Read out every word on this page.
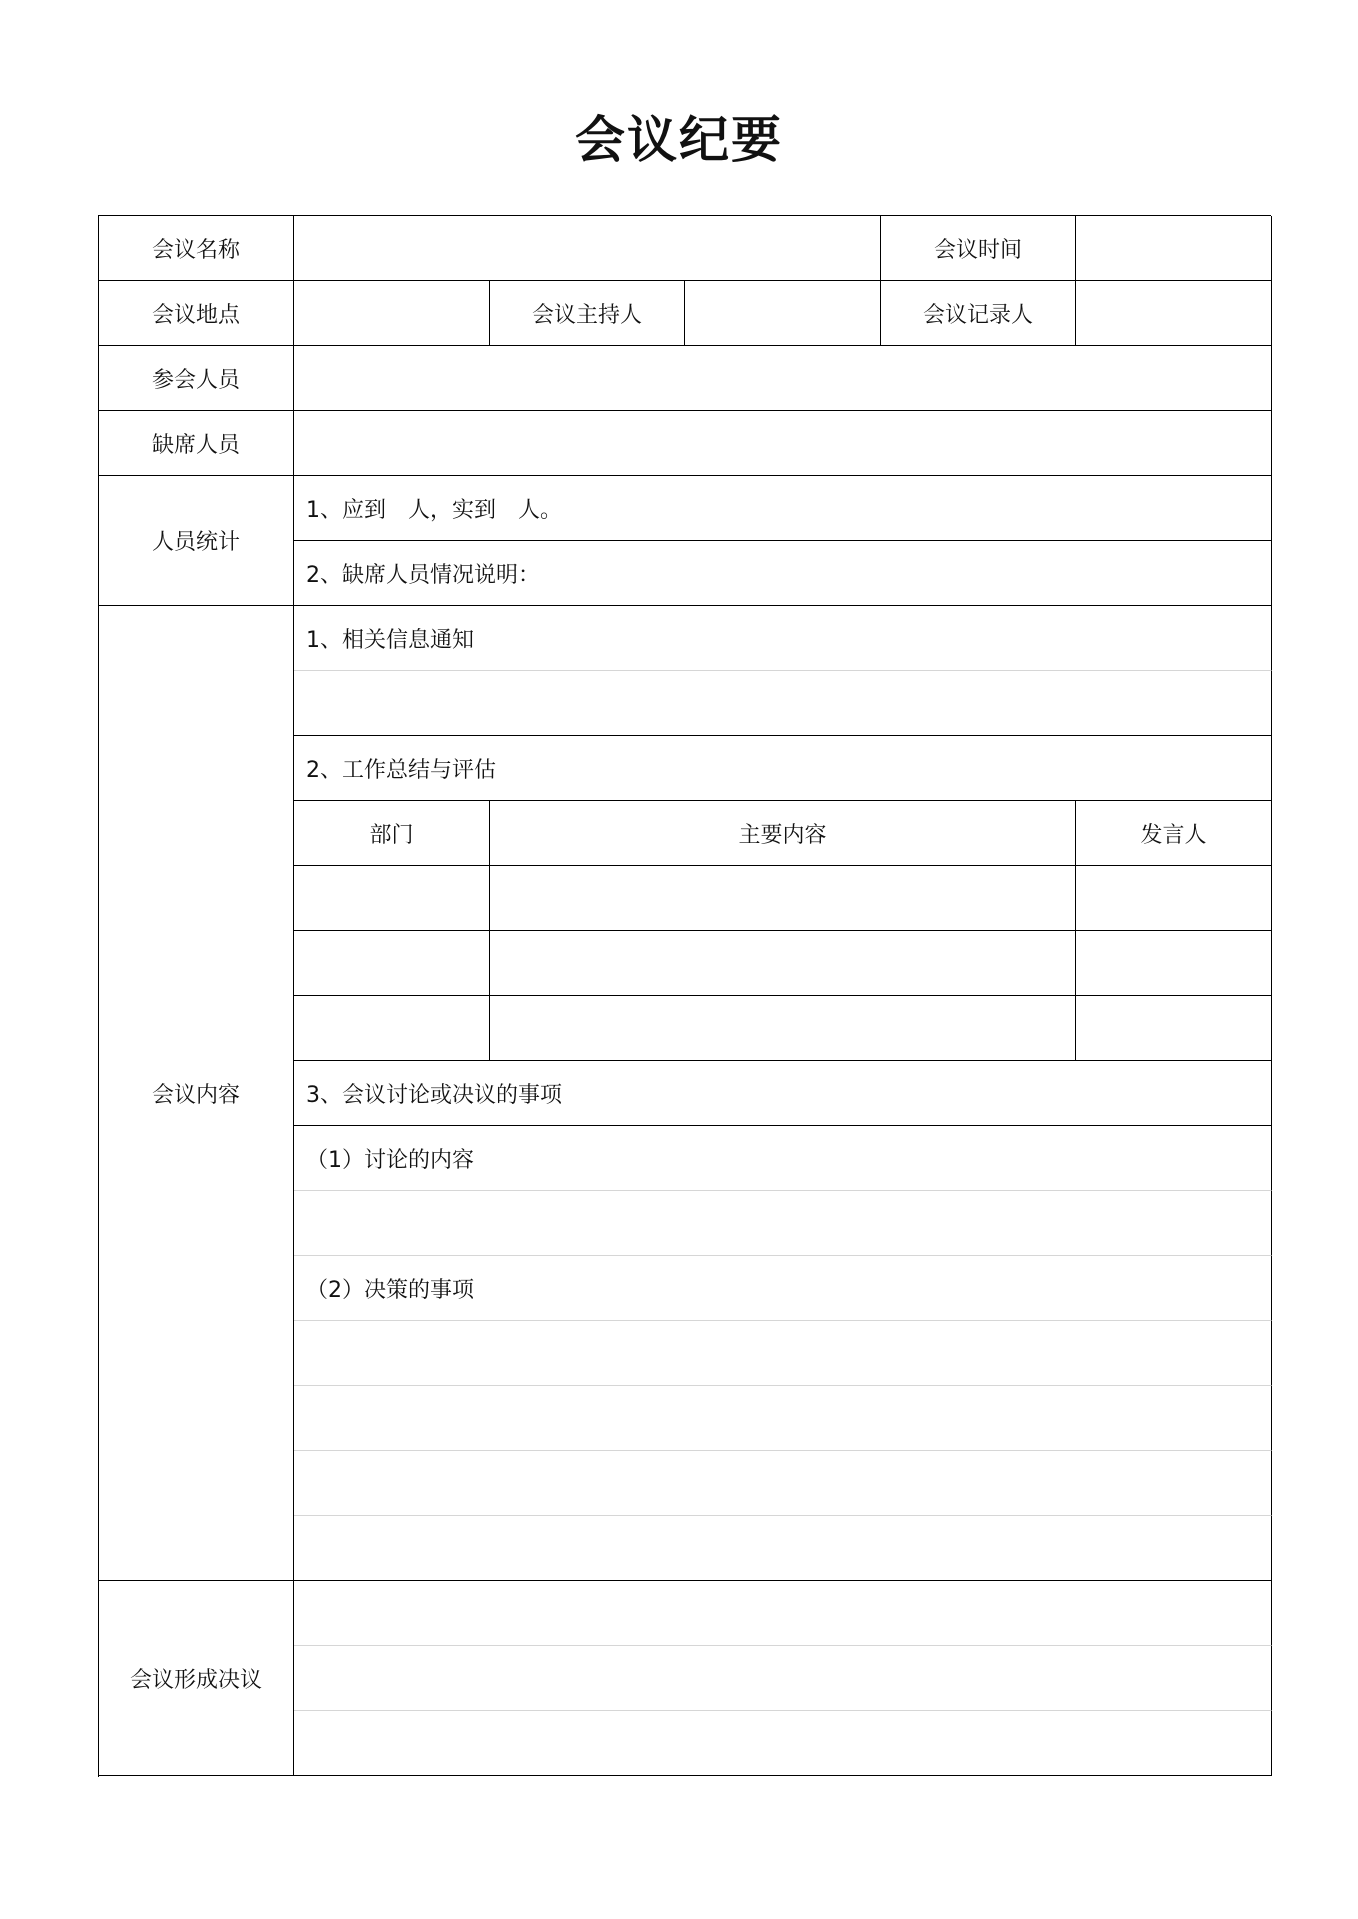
会议纪要
会议名称	会议时间
会议地点	会议主持人	会议记录人
参会人员
缺席人员
人员统计
1、应到　人，实到　人。
2、缺席人员情况说明：
会议内容
1、相关信息通知
2、工作总结与评估
部门	主要内容	发言人
3、会议讨论或决议的事项
（1）讨论的内容
（2）决策的事项
会议形成决议
